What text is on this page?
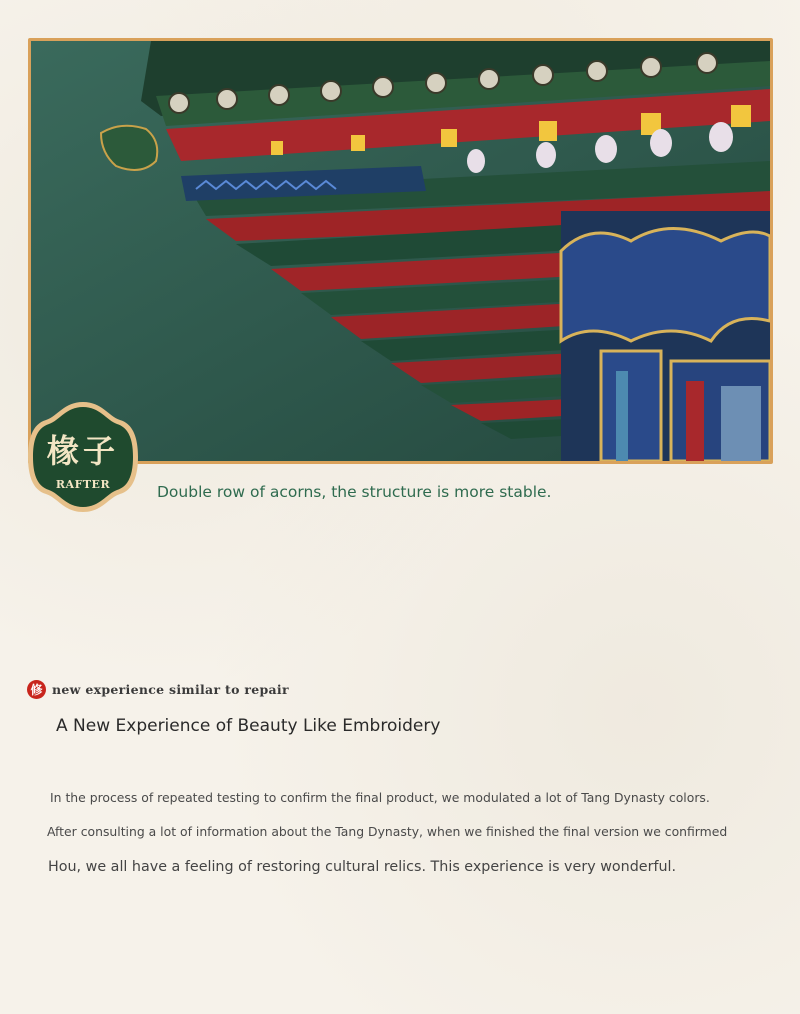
椽子
RAFTER	Double row of acorns, the structure is more stable.
修 new experience similar to repair
A New Experience of Beauty Like Embroidery
In the process of repeated testing to confirm the final product, we modulated a lot of Tang Dynasty colors.
After consulting a lot of information about the Tang Dynasty, when we finished the final version we confirmed
Hou, we all have a feeling of restoring cultural relics. This experience is very wonderful.
